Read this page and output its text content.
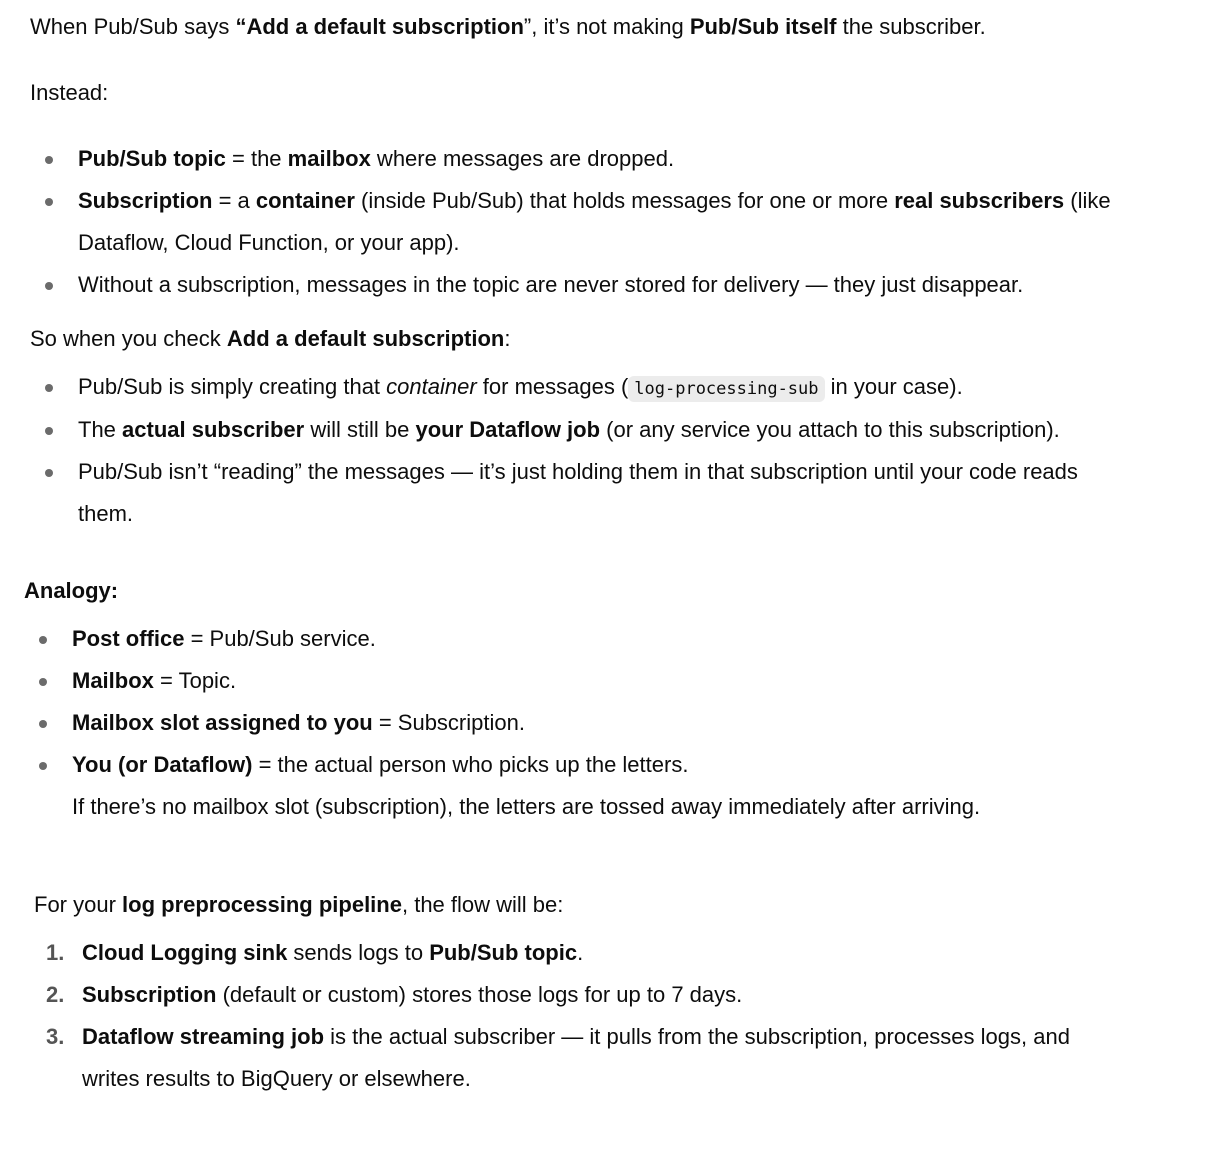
When Pub/Sub says “Add a default subscription”, it’s not making Pub/Sub itself the subscriber.
Instead:
Pub/Sub topic = the mailbox where messages are dropped.
Subscription = a container (inside Pub/Sub) that holds messages for one or more real subscribers (like
Dataflow, Cloud Function, or your app).
Without a subscription, messages in the topic are never stored for delivery — they just disappear.
So when you check Add a default subscription:
Pub/Sub is simply creating that container for messages ( log-processing-sub in your case).
The actual subscriber will still be your Dataflow job (or any service you attach to this subscription).
Pub/Sub isn’t “reading” the messages — it’s just holding them in that subscription until your code reads
them.
Analogy:
Post office = Pub/Sub service.
Mailbox = Topic.
Mailbox slot assigned to you = Subscription.
You (or Dataflow) = the actual person who picks up the letters.
If there’s no mailbox slot (subscription), the letters are tossed away immediately after arriving.
For your log preprocessing pipeline, the flow will be:
1. Cloud Logging sink sends logs to Pub/Sub topic.
2. Subscription (default or custom) stores those logs for up to 7 days.
3. Dataflow streaming job is the actual subscriber — it pulls from the subscription, processes logs, and
writes results to BigQuery or elsewhere.
